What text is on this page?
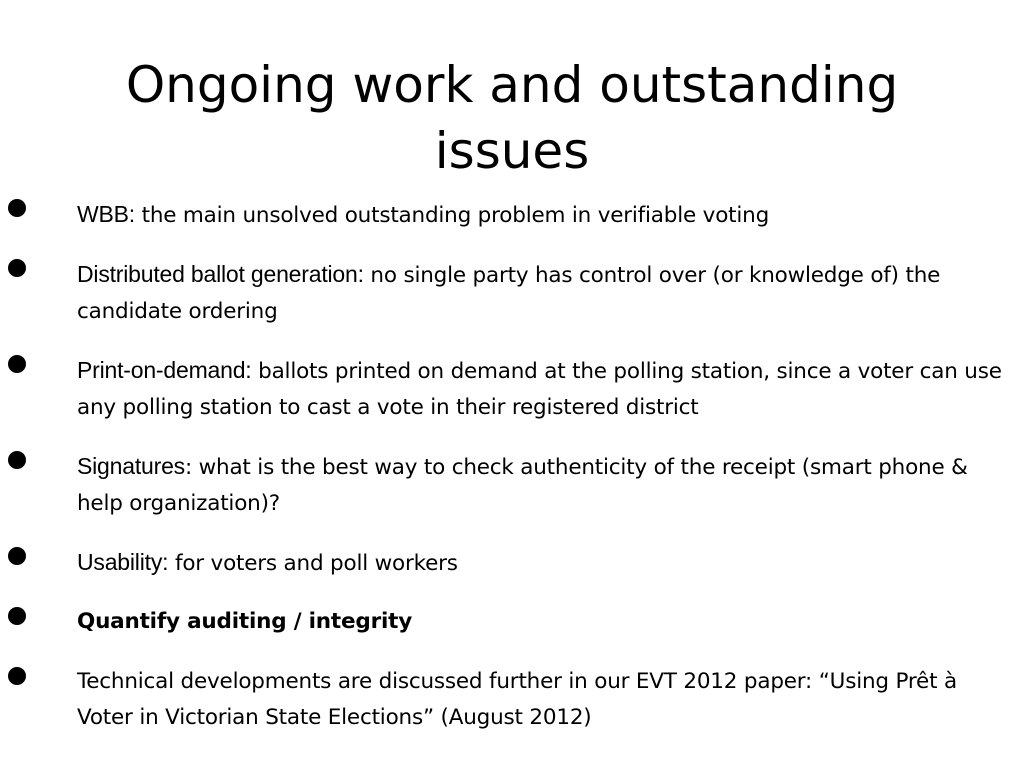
Ongoing work and outstanding issues
WBB: the main unsolved outstanding problem in verifiable voting
Distributed ballot generation: no single party has control over (or knowledge of) the candidate ordering
Print-on-demand: ballots printed on demand at the polling station, since a voter can use any polling station to cast a vote in their registered district
Signatures: what is the best way to check authenticity of the receipt (smart phone & help organization)?
Usability: for voters and poll workers
Quantify auditing / integrity
Technical developments are discussed further in our EVT 2012 paper: “Using Prêt à Voter in Victorian State Elections” (August 2012)
